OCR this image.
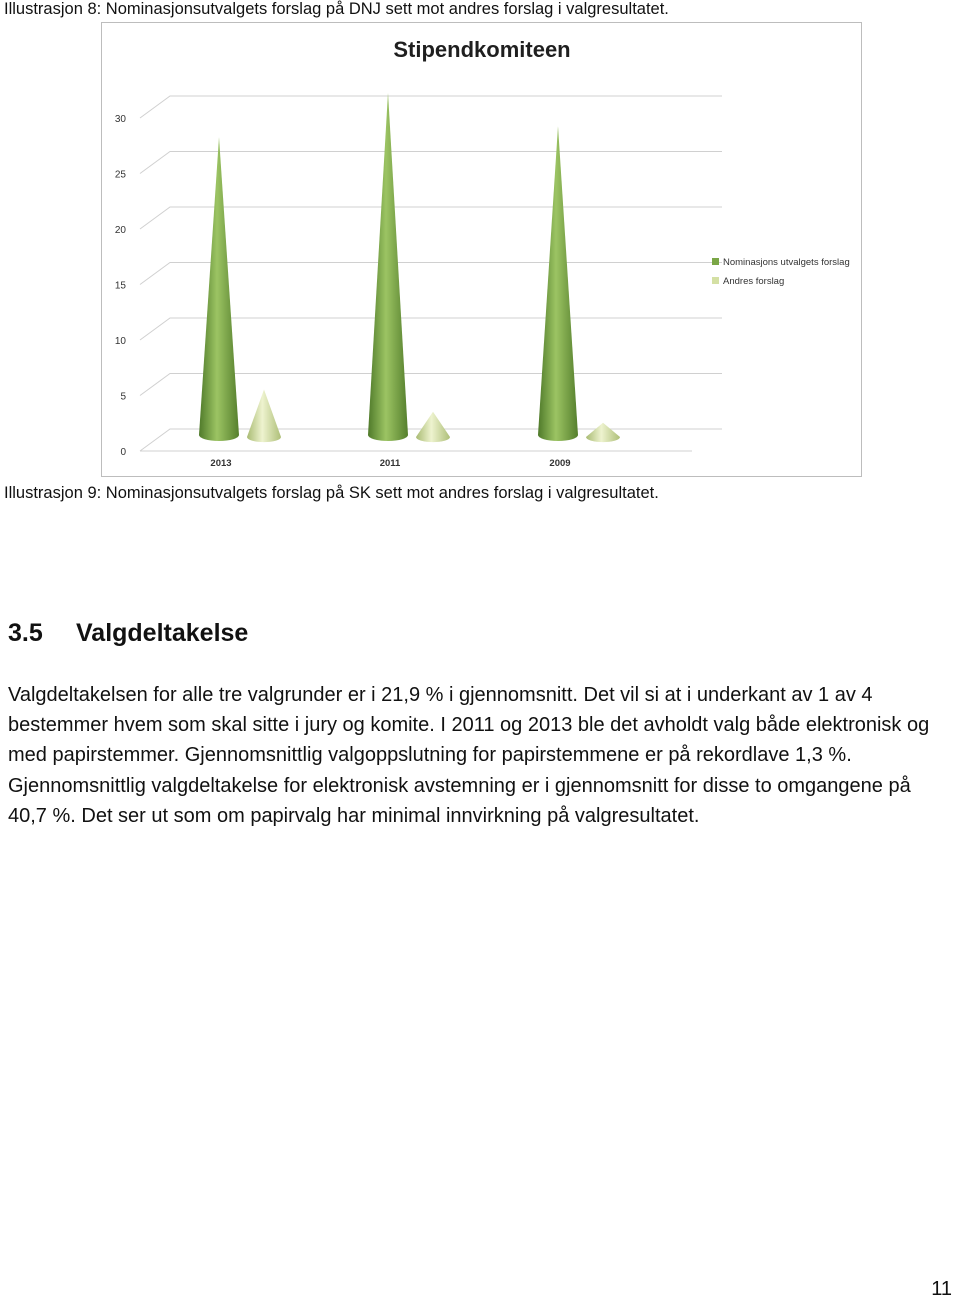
Illustrasjon 8: Nominasjonsutvalgets forslag på DNJ sett mot andres forslag i valgresultatet.
Stipendkomiteen
0
5
10
15
20
25
30
2013	2011	2009
Nominasjons utvalgets forslag
Andres forslag
Illustrasjon 9: Nominasjonsutvalgets forslag på SK sett mot andres forslag i valgresultatet.
3.5 Valgdeltakelse
Valgdeltakelsen for alle tre valgrunder er i 21,9 % i gjennomsnitt. Det vil si at i underkant av 1 av 4 bestemmer hvem som skal sitte i jury og komite. I 2011 og 2013 ble det avholdt valg både elektronisk og med papirstemmer. Gjennomsnittlig valgoppslutning for papirstemmene er på rekordlave 1,3 %. Gjennomsnittlig valgdeltakelse for elektronisk avstemning er i gjennomsnitt for disse to omgangene på 40,7 %. Det ser ut som om papirvalg har minimal innvirkning på valgresultatet.
11
